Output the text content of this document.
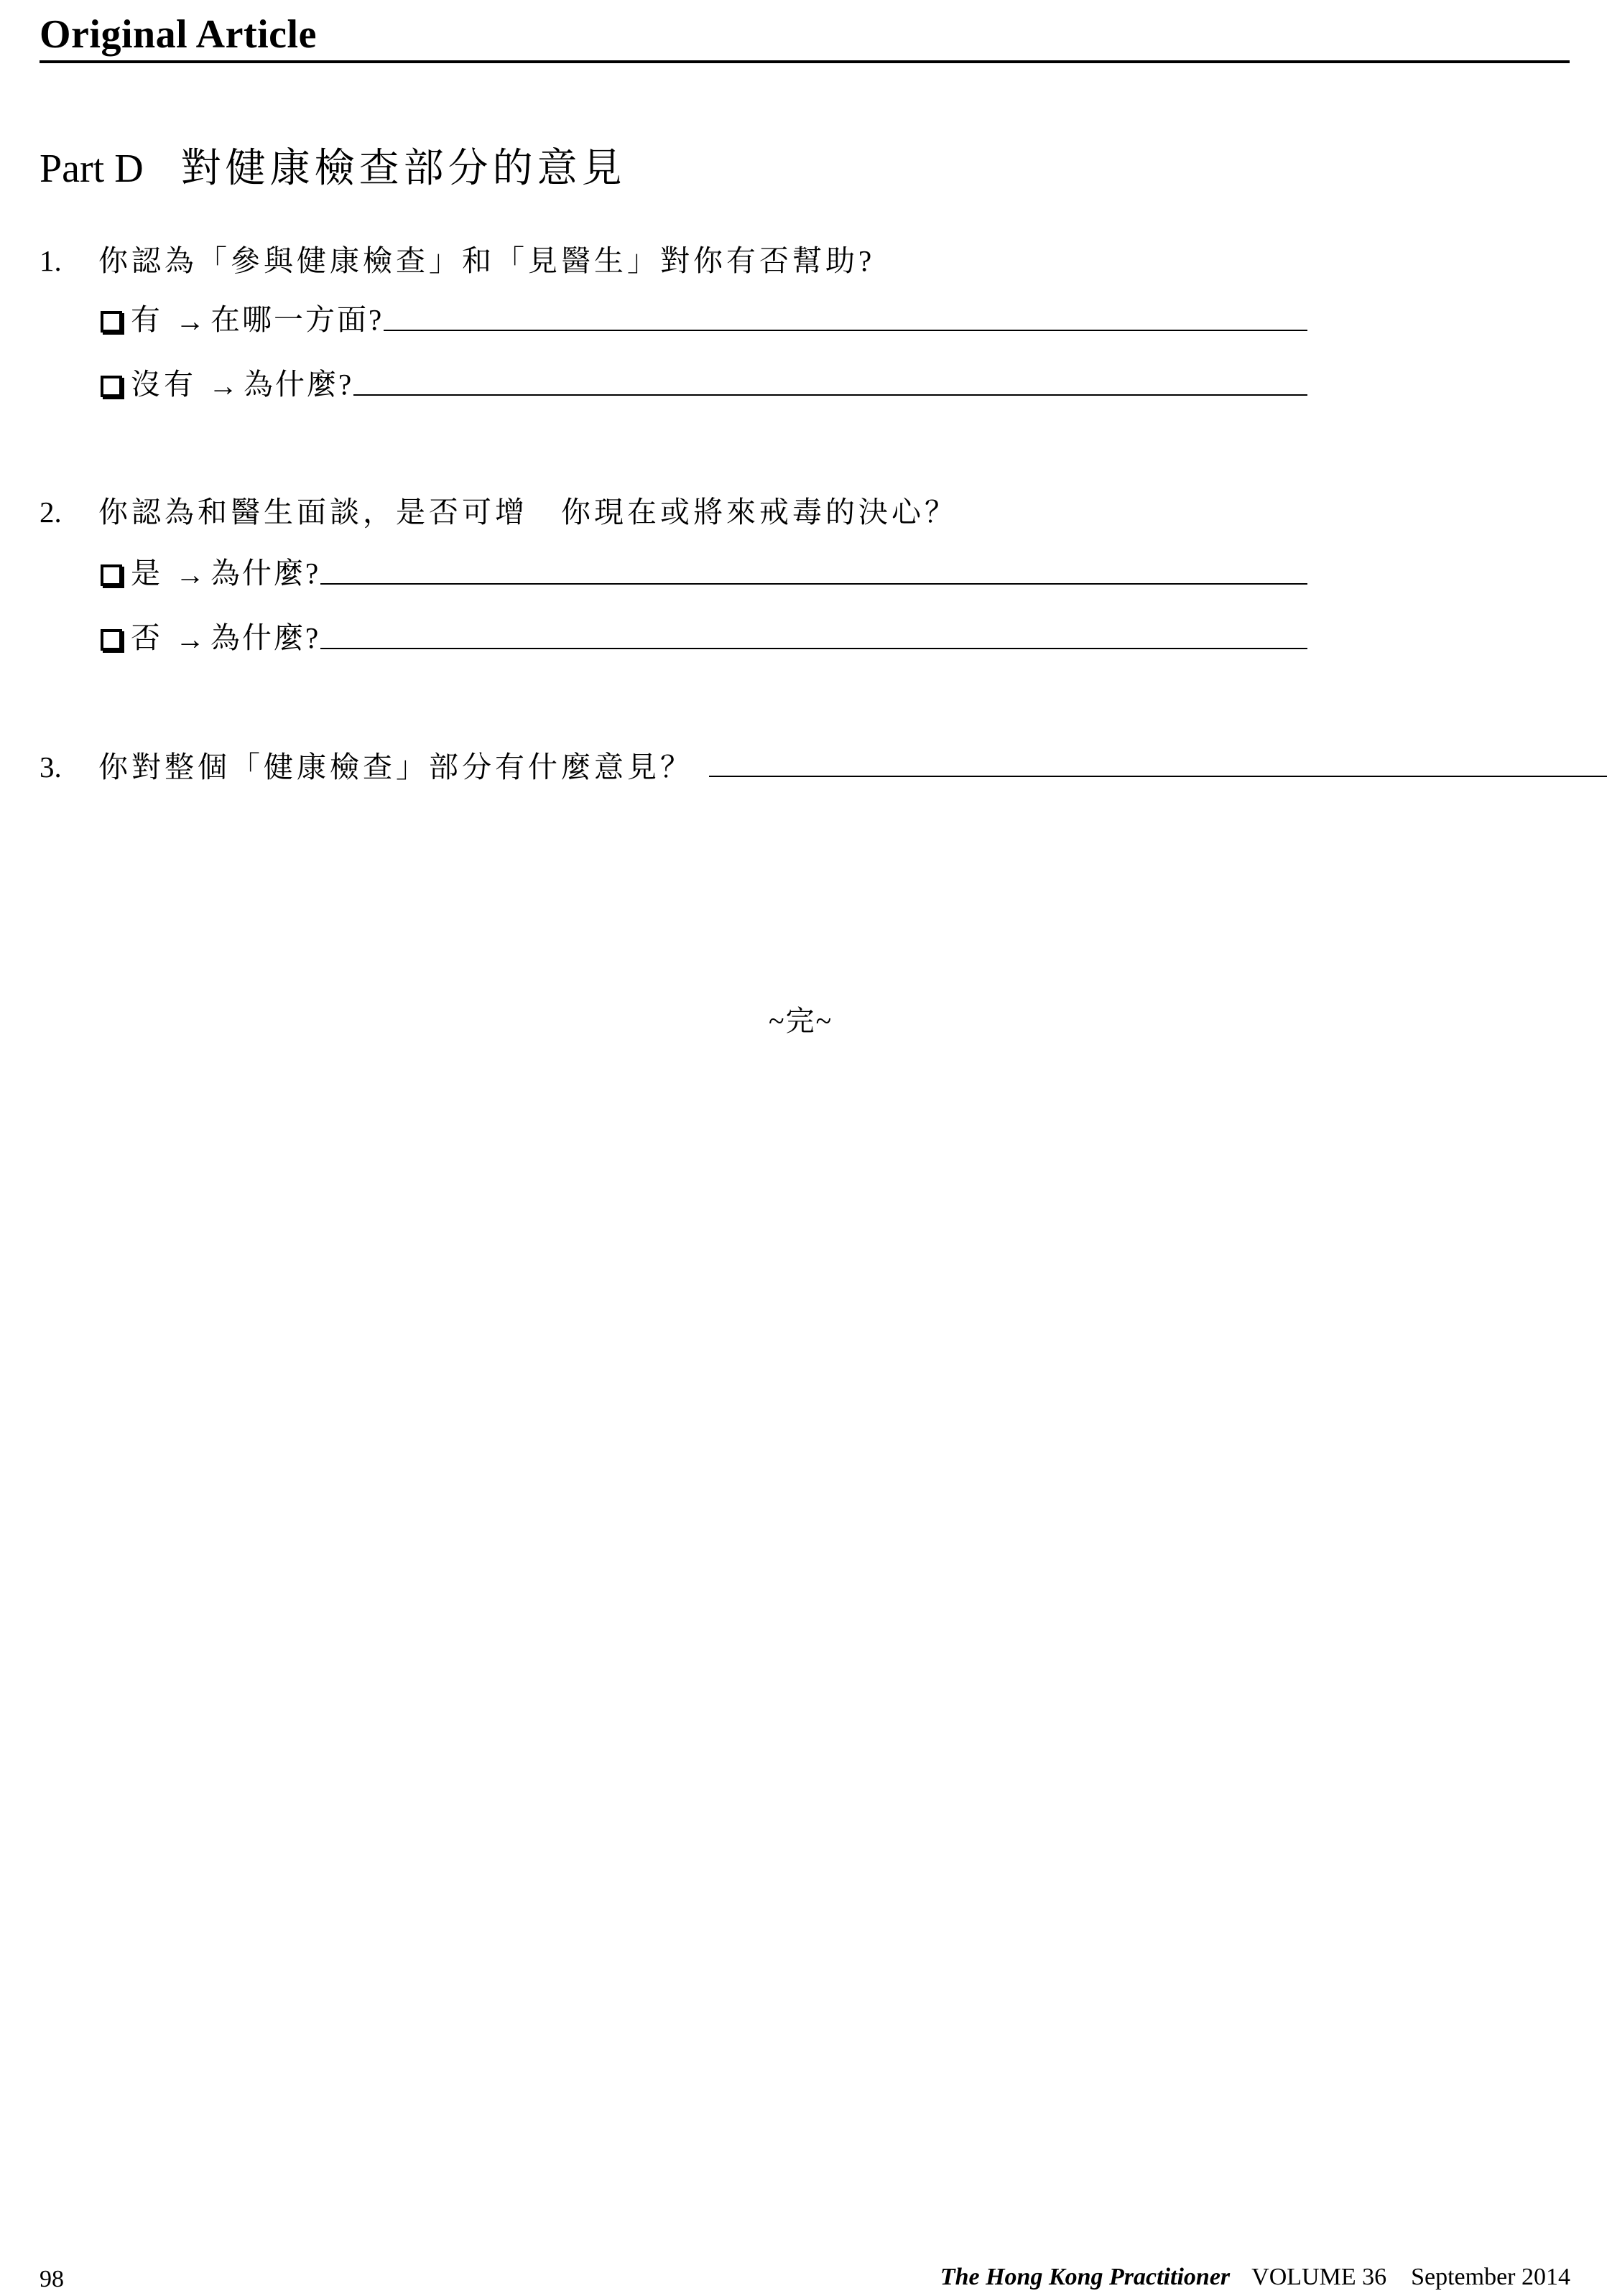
Original Article
Part D 對健康檢查部分的意見
1. 你認為「參與健康檢查」和「見醫生」對你有否幫助?
有 → 在哪一方面?
沒有 → 為什麼?
2. 你認為和醫生面談，是否可增 你現在或將來戒毒的決心？
是 → 為什麼?
否 → 為什麼?
3. 你對整個「健康檢查」部分有什麼意見？
~完~
98	The Hong Kong Practitioner VOLUME 36 September 2014
